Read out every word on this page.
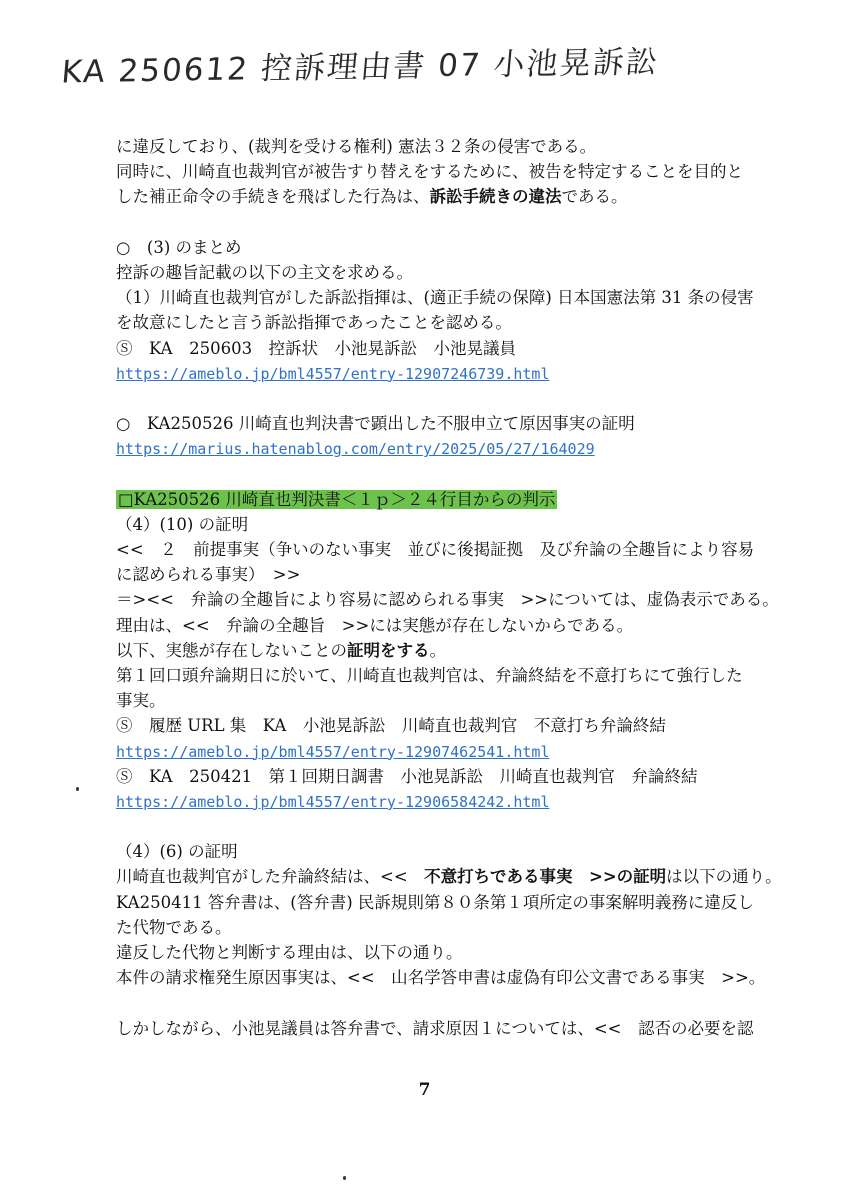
KA 250612 控訴理由書 07 小池晃訴訟
に違反しており、(裁判を受ける権利) 憲法３２条の侵害である。
同時に、川崎直也裁判官が被告すり替えをするために、被告を特定することを目的と
した補正命令の手続きを飛ばした行為は、訴訟手続きの違法である。
○　(3) のまとめ
控訴の趣旨記載の以下の主文を求める。
（1）川崎直也裁判官がした訴訟指揮は、(適正手続の保障) 日本国憲法第 31 条の侵害
を故意にしたと言う訴訟指揮であったことを認める。
Ⓢ　KA　250603　控訴状　小池晃訴訟　小池晃議員
https://ameblo.jp/bml4557/entry-12907246739.html
○　KA250526 川崎直也判決書で顕出した不服申立て原因事実の証明
https://marius.hatenablog.com/entry/2025/05/27/164029
□KA250526 川崎直也判決書＜１ｐ＞２４行目からの判示
（4）(10) の証明
<<　２　前提事実（争いのない事実　並びに後掲証拠　及び弁論の全趣旨により容易
に認められる事実）　>>
＝><<　弁論の全趣旨により容易に認められる事実　>>については、虚偽表示である。
理由は、<<　弁論の全趣旨　>>には実態が存在しないからである。
以下、実態が存在しないことの証明をする。
第１回口頭弁論期日に於いて、川崎直也裁判官は、弁論終結を不意打ちにて強行した
事実。
Ⓢ　履歴 URL 集　KA　小池晃訴訟　川崎直也裁判官　不意打ち弁論終結
https://ameblo.jp/bml4557/entry-12907462541.html
Ⓢ　KA　250421　第１回期日調書　小池晃訴訟　川崎直也裁判官　弁論終結
https://ameblo.jp/bml4557/entry-12906584242.html
（4）(6) の証明
川崎直也裁判官がした弁論終結は、<<　不意打ちである事実　>>の証明は以下の通り。
KA250411 答弁書は、(答弁書) 民訴規則第８０条第１項所定の事案解明義務に違反し
た代物である。
違反した代物と判断する理由は、以下の通り。
本件の請求権発生原因事実は、<<　山名学答申書は虚偽有印公文書である事実　>>。
しかしながら、小池晃議員は答弁書で、請求原因１については、<<　認否の必要を認
7
